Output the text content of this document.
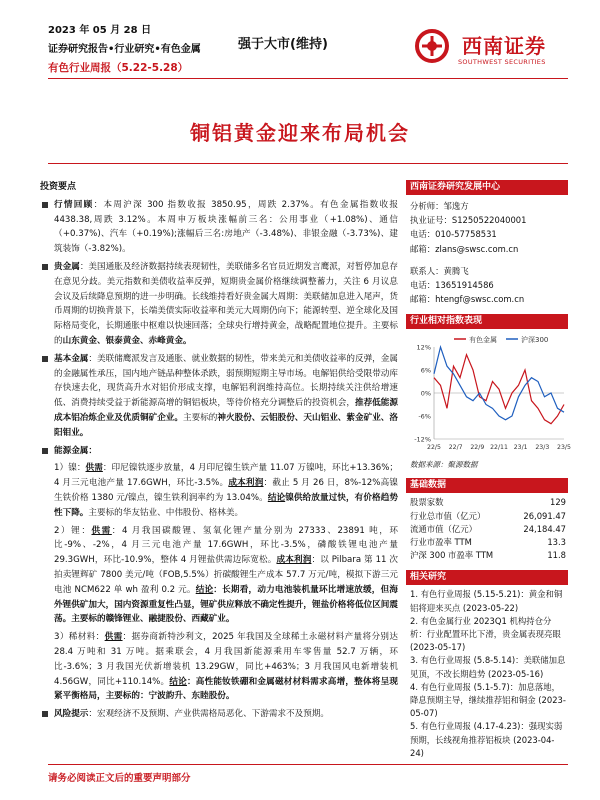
2023 年 05 月 28 日
证券研究报告•行业研究•有色金属
有色行业周报（5.22-5.28）
强于大市(维持)	西南证券
SOUTHWEST SECURITIES
铜铝黄金迎来布局机会
投资要点
行情回顾：本周沪深 300 指数收报 3850.95，周跌 2.37%。有色金属指数收报 4438.38,周跌 3.12%。本周申万板块涨幅前三名：公用事业（+1.08%)、通信（+0.37%)、汽车（+0.19%);涨幅后三名:房地产（-3.48%)、非银金融（-3.73%)、建筑装饰（-3.82%)。
贵金属：美国通胀及经济数据持续表现韧性，美联储多名官员近期发言鹰派，对暂停加息存在意见分歧。美元指数和美债收益率反弹，短期贵金属价格继续调整蓄力，关注 6 月议息会议及后续降息预期的进一步明确。长线维持看好贵金属大周期：美联储加息进入尾声，货币周期的切换背景下，长端美债实际收益率和美元大周期仍向下；能源转型、逆全球化及国际格局变化，长期通胀中枢难以快速回落；全球央行增持黄金，战略配置地位提升。主要标的山东黄金、银泰黄金、赤峰黄金。
基本金属：美联储鹰派发言及通胀、就业数据的韧性，带来美元和美债收益率的反弹，金属的金融属性承压，国内地产链品种整体杀跌，弱预期短期主导市场。电解铝供给受限带动库存快速去化，现货高升水对铝价形成支撑，电解铝利润维持高位。长期持续关注供给增速低、消费持续受益于新能源高增的铜铝板块，等待价格充分调整后的投资机会，推荐低能源成本铝冶炼企业及优质铜矿企业。主要标的神火股份、云铝股份、天山铝业、紫金矿业、洛阳钼业。
能源金属：
1）镍：供需：印尼镍铁逐步放量，4 月印尼镍生铁产量 11.07 万镍吨，环比+13.36%；4 月三元电池产量 17.6GWH，环比-3.5%。成本利润：截止 5 月 26 日，8%-12%高镍生铁价格 1380 元/镍点，镍生铁利润率约为 13.04%。结论镍供给放量过快，有价格趋势性下降。主要标的华友钴业、中伟股份、格林美。
2）锂：供需：4 月我国碳酸锂、氢氧化锂产量分别为 27333、23891 吨，环比-9%、-2%，4 月三元电池产量 17.6GWH，环比-3.5%，磷酸铁锂电池产量 29.3GWH，环比-10.9%，整体 4 月锂盐供需边际宽松。成本利润：以 Pilbara 第 11 次拍卖锂辉矿 7800 美元/吨（FOB,5.5%）折碳酸锂生产成本 57.7 万元/吨，模拟下游三元电池 NCM622 单 wh 盈利 0.2 元。结论：长期看，动力电池装机量环比增速放缓，但海外锂供矿加大，国内资源重复性凸显，锂矿供应释放不确定性提升，锂盐价格将低位区间震荡。主要标的赣锋锂业、融捷股份、西藏矿业。
3）稀材料：供需：据券商新特沙利文，2025 年我国及全球稀土永磁材料产量将分别达 28.4 万吨和 31 万吨。据乘联会，4 月我国新能源乘用车零售量 52.7 万辆，环比-3.6%；3 月我国光伏新增装机 13.29GW，同比+463%；3 月我国风电新增装机 4.56GW，同比+110.14%。结论：高性能钕铁硼和金属磁材材料需求高增，整体将呈现紧平衡格局，主要标的：宁波韵升、东睦股份。
风险提示：宏观经济不及预期、产业供需格局恶化、下游需求不及预期。
西南证券研究发展中心
分析师：邹逸方
执业证号：S1250522040001
电话：010-57758531
邮箱：zlans@swsc.com.cn
联系人：黄腾飞
电话：13651914586
邮箱：htengf@swsc.com.cn
行业相对指数表现
有色金属	沪深300
12%
6%
0%
-6%
-12%
22/5 22/7 22/9 22/11 23/1 23/3 23/5
数据来源：聚源数据
基础数据
股票家数	129
行业总市值（亿元）	26,091.47
流通市值（亿元）	24,184.47
行业市盈率 TTM	13.3
沪深 300 市盈率 TTM	11.8
相关研究
1. 有色行业周报 (5.15-5.21)：黄金和铜铝将迎来买点 (2023-05-22)
2. 有色金属行业 2023Q1 机构持仓分析：行业配置环比下滑，贵金属表现亮眼 (2023-05-17)
3. 有色行业周报 (5.8-5.14)：美联储加息见顶，不改长期趋势 (2023-05-16)
4. 有色行业周报 (5.1-5.7)：加息落地，降息预期主导，继续推荐铝和铜金 (2023-05-07)
5. 有色行业周报 (4.17-4.23)：强现实弱预期，长线视角推荐铝板块 (2023-04-24)
请务必阅读正文后的重要声明部分
